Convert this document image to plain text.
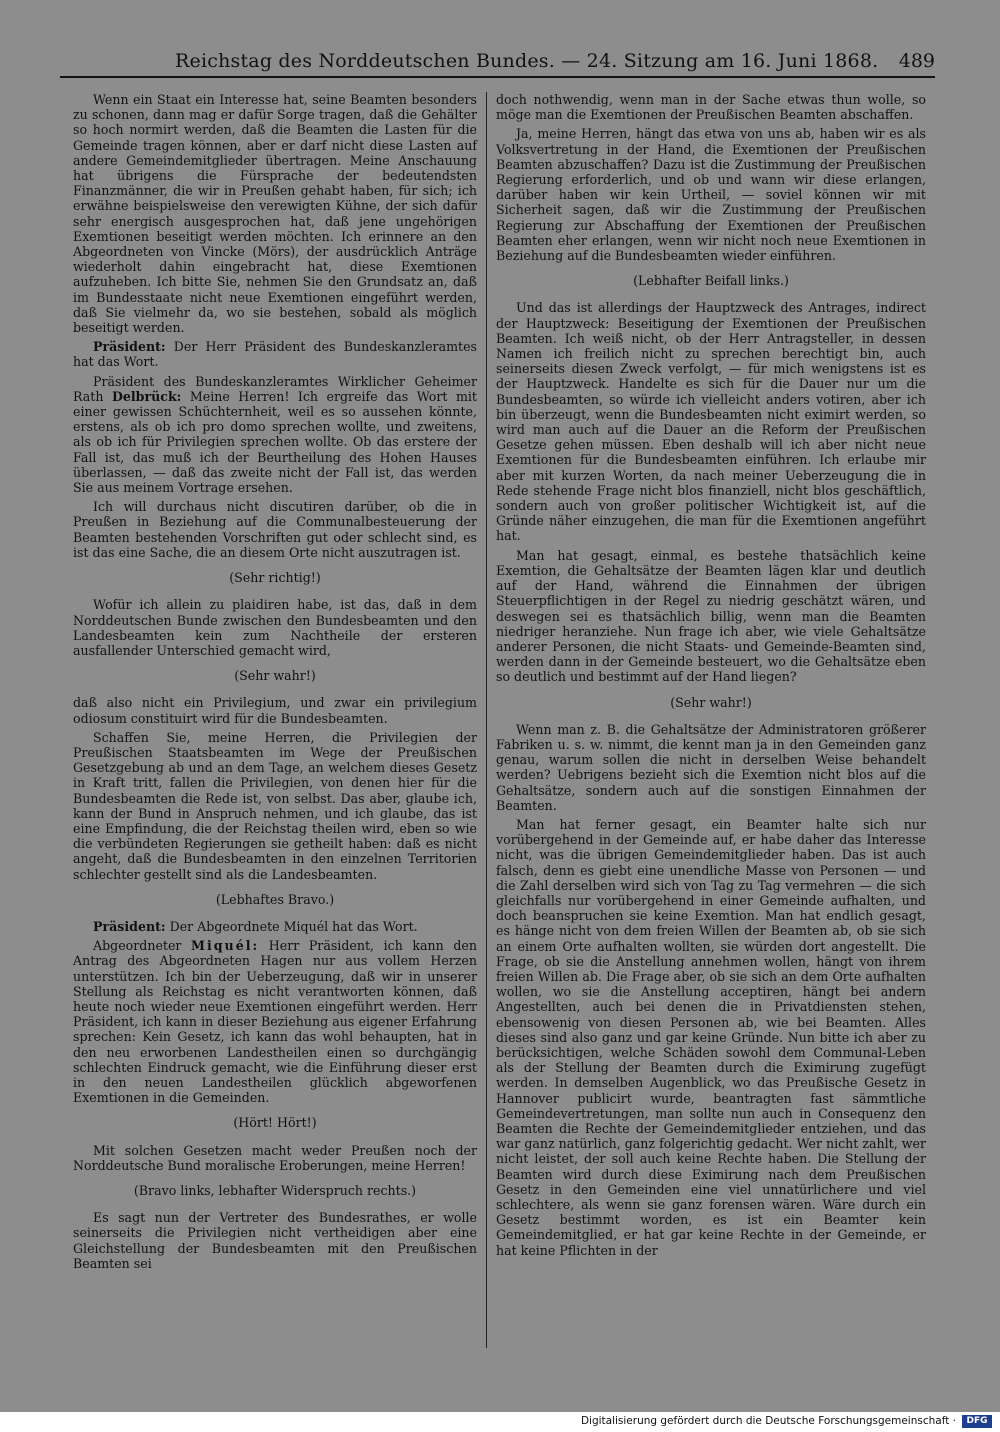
Reichstag des Norddeutschen Bundes. — 24. Sitzung am 16. Juni 1868. 489

Wenn ein Staat ein Interesse hat, seine Beamten besonders zu schonen, dann mag er dafür Sorge tragen, daß die Gehälter so hoch normirt werden, daß die Beamten die Lasten für die Gemeinde tragen können, aber er darf nicht diese Lasten auf andere Gemeindemitglieder übertragen. Meine Anschauung hat übrigens die Fürsprache der bedeutendsten Finanzmänner, die wir in Preußen gehabt haben, für sich; ich erwähne beispielsweise den verewigten Kühne, der sich dafür sehr energisch ausgesprochen hat, daß jene ungehörigen Exemtionen beseitigt werden möchten. Ich erinnere an den Abgeordneten von Vincke (Mörs), der ausdrücklich Anträge wiederholt dahin eingebracht hat, diese Exemtionen aufzuheben. Ich bitte Sie, nehmen Sie den Grundsatz an, daß im Bundesstaate nicht neue Exemtionen eingeführt werden, daß Sie vielmehr da, wo sie bestehen, sobald als möglich beseitigt werden.

Präsident: Der Herr Präsident des Bundeskanzleramtes hat das Wort.

Präsident des Bundeskanzleramtes Wirklicher Geheimer Rath Delbrück: Meine Herren! Ich ergreife das Wort mit einer gewissen Schüchternheit, weil es so aussehen könnte, erstens, als ob ich pro domo sprechen wollte, und zweitens, als ob ich für Privilegien sprechen wollte. Ob das erstere der Fall ist, das muß ich der Beurtheilung des Hohen Hauses überlassen, — daß das zweite nicht der Fall ist, das werden Sie aus meinem Vortrage ersehen.

Ich will durchaus nicht discutiren darüber, ob die in Preußen in Beziehung auf die Communalbesteuerung der Beamten bestehenden Vorschriften gut oder schlecht sind, es ist das eine Sache, die an diesem Orte nicht auszutragen ist.

(Sehr richtig!)

Wofür ich allein zu plaidiren habe, ist das, daß in dem Norddeutschen Bunde zwischen den Bundesbeamten und den Landesbeamten kein zum Nachtheile der ersteren ausfallender Unterschied gemacht wird,

(Sehr wahr!)

daß also nicht ein Privilegium, und zwar ein privilegium odiosum constituirt wird für die Bundesbeamten.

Schaffen Sie, meine Herren, die Privilegien der Preußischen Staatsbeamten im Wege der Preußischen Gesetzgebung ab und an dem Tage, an welchem dieses Gesetz in Kraft tritt, fallen die Privilegien, von denen hier für die Bundesbeamten die Rede ist, von selbst. Das aber, glaube ich, kann der Bund in Anspruch nehmen, und ich glaube, das ist eine Empfindung, die der Reichstag theilen wird, eben so wie die verbündeten Regierungen sie getheilt haben: daß es nicht angeht, daß die Bundesbeamten in den einzelnen Territorien schlechter gestellt sind als die Landesbeamten.

(Lebhaftes Bravo.)

Präsident: Der Abgeordnete Miquél hat das Wort.

Abgeordneter Miquél: Herr Präsident, ich kann den Antrag des Abgeordneten Hagen nur aus vollem Herzen unterstützen. Ich bin der Ueberzeugung, daß wir in unserer Stellung als Reichstag es nicht verantworten können, daß heute noch wieder neue Exemtionen eingeführt werden. Herr Präsident, ich kann in dieser Beziehung aus eigener Erfahrung sprechen: Kein Gesetz, ich kann das wohl behaupten, hat in den neu erworbenen Landestheilen einen so durchgängig schlechten Eindruck gemacht, wie die Einführung dieser erst in den neuen Landestheilen glücklich abgeworfenen Exemtionen in die Gemeinden.

(Hört! Hört!)

Mit solchen Gesetzen macht weder Preußen noch der Norddeutsche Bund moralische Eroberungen, meine Herren!

(Bravo links, lebhafter Widerspruch rechts.)

Es sagt nun der Vertreter des Bundesrathes, er wolle seinerseits die Privilegien nicht vertheidigen aber eine Gleichstellung der Bundesbeamten mit den Preußischen Beamten sei

doch nothwendig, wenn man in der Sache etwas thun wolle, so möge man die Exemtionen der Preußischen Beamten abschaffen.

Ja, meine Herren, hängt das etwa von uns ab, haben wir es als Volksvertretung in der Hand, die Exemtionen der Preußischen Beamten abzuschaffen? Dazu ist die Zustimmung der Preußischen Regierung erforderlich, und ob und wann wir diese erlangen, darüber haben wir kein Urtheil, — soviel können wir mit Sicherheit sagen, daß wir die Zustimmung der Preußischen Regierung zur Abschaffung der Exemtionen der Preußischen Beamten eher erlangen, wenn wir nicht noch neue Exemtionen in Beziehung auf die Bundesbeamten wieder einführen.

(Lebhafter Beifall links.)

Und das ist allerdings der Hauptzweck des Antrages, indirect der Hauptzweck: Beseitigung der Exemtionen der Preußischen Beamten. Ich weiß nicht, ob der Herr Antragsteller, in dessen Namen ich freilich nicht zu sprechen berechtigt bin, auch seinerseits diesen Zweck verfolgt, — für mich wenigstens ist es der Hauptzweck. Handelte es sich für die Dauer nur um die Bundesbeamten, so würde ich vielleicht anders votiren, aber ich bin überzeugt, wenn die Bundesbeamten nicht eximirt werden, so wird man auch auf die Dauer an die Reform der Preußischen Gesetze gehen müssen. Eben deshalb will ich aber nicht neue Exemtionen für die Bundesbeamten einführen. Ich erlaube mir aber mit kurzen Worten, da nach meiner Ueberzeugung die in Rede stehende Frage nicht blos finanziell, nicht blos geschäftlich, sondern auch von großer politischer Wichtigkeit ist, auf die Gründe näher einzugehen, die man für die Exemtionen angeführt hat.

Man hat gesagt, einmal, es bestehe thatsächlich keine Exemtion, die Gehaltsätze der Beamten lägen klar und deutlich auf der Hand, während die Einnahmen der übrigen Steuerpflichtigen in der Regel zu niedrig geschätzt wären, und deswegen sei es thatsächlich billig, wenn man die Beamten niedriger heranziehe. Nun frage ich aber, wie viele Gehaltsätze anderer Personen, die nicht Staats- und Gemeinde-Beamten sind, werden dann in der Gemeinde besteuert, wo die Gehaltsätze eben so deutlich und bestimmt auf der Hand liegen?

(Sehr wahr!)

Wenn man z. B. die Gehaltsätze der Administratoren größerer Fabriken u. s. w. nimmt, die kennt man ja in den Gemeinden ganz genau, warum sollen die nicht in derselben Weise behandelt werden? Uebrigens bezieht sich die Exemtion nicht blos auf die Gehaltsätze, sondern auch auf die sonstigen Einnahmen der Beamten.

Man hat ferner gesagt, ein Beamter halte sich nur vorübergehend in der Gemeinde auf, er habe daher das Interesse nicht, was die übrigen Gemeindemitglieder haben. Das ist auch falsch, denn es giebt eine unendliche Masse von Personen — und die Zahl derselben wird sich von Tag zu Tag vermehren — die sich gleichfalls nur vorübergehend in einer Gemeinde aufhalten, und doch beanspruchen sie keine Exemtion. Man hat endlich gesagt, es hänge nicht von dem freien Willen der Beamten ab, ob sie sich an einem Orte aufhalten wollten, sie würden dort angestellt. Die Frage, ob sie die Anstellung annehmen wollen, hängt von ihrem freien Willen ab. Die Frage aber, ob sie sich an dem Orte aufhalten wollen, wo sie die Anstellung acceptiren, hängt bei andern Angestellten, auch bei denen die in Privatdiensten stehen, ebensowenig von diesen Personen ab, wie bei Beamten. Alles dieses sind also ganz und gar keine Gründe. Nun bitte ich aber zu berücksichtigen, welche Schäden sowohl dem Communal-Leben als der Stellung der Beamten durch die Eximirung zugefügt werden. In demselben Augenblick, wo das Preußische Gesetz in Hannover publicirt wurde, beantragten fast sämmtliche Gemeindevertretungen, man sollte nun auch in Consequenz den Beamten die Rechte der Gemeindemitglieder entziehen, und das war ganz natürlich, ganz folgerichtig gedacht. Wer nicht zahlt, wer nicht leistet, der soll auch keine Rechte haben. Die Stellung der Beamten wird durch diese Eximirung nach dem Preußischen Gesetz in den Gemeinden eine viel unnatürlichere und viel schlechtere, als wenn sie ganz forensen wären. Wäre durch ein Gesetz bestimmt worden, es ist ein Beamter kein Gemeindemitglied, er hat gar keine Rechte in der Gemeinde, er hat keine Pflichten in der

Digitalisierung gefördert durch die Deutsche Forschungsgemeinschaft ·	DFG
